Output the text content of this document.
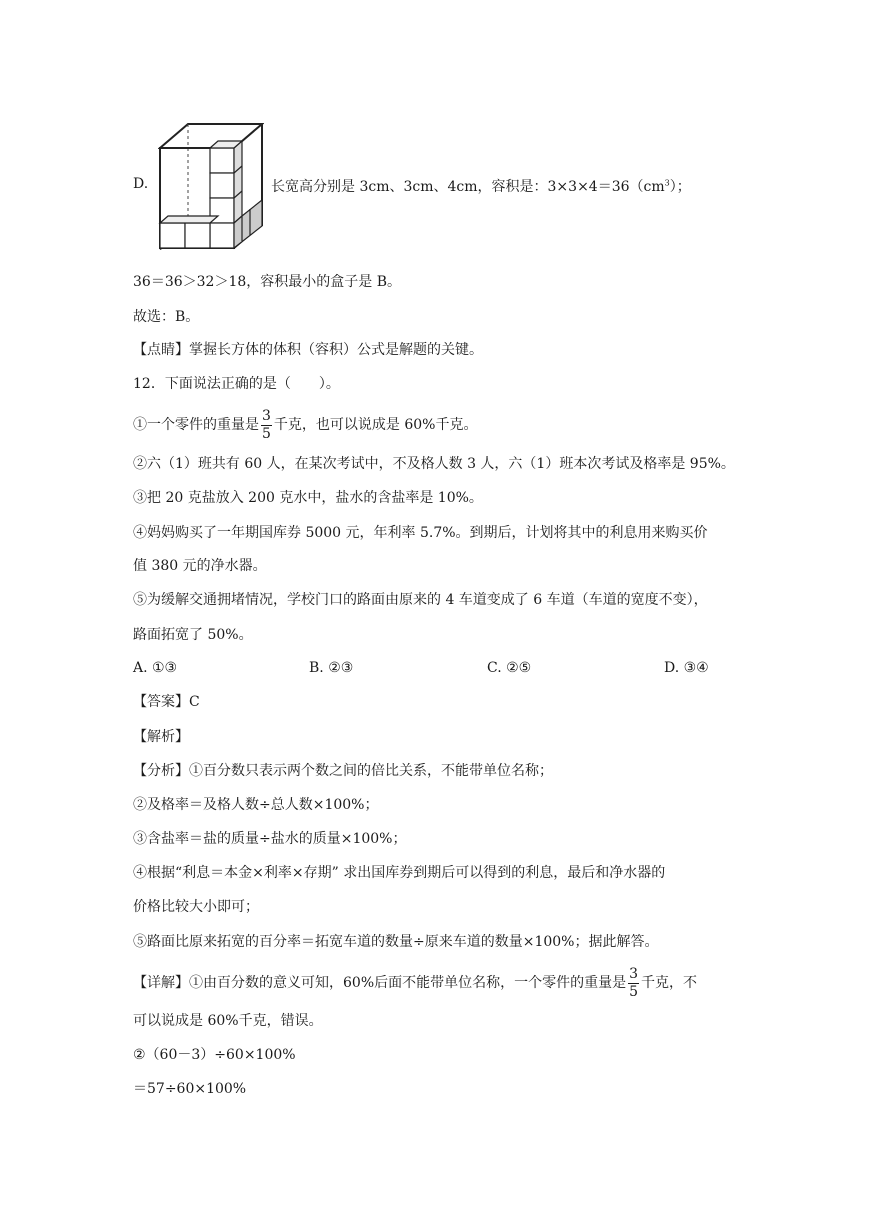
D.	长宽高分别是 3cm、3cm、4cm，容积是：$3\times 3\times 4=36(cm^3)$；
36＝36＞32＞18，容积最小的盒子是 B。
故选：B。
【点睛】掌握长方体的体积（容积）公式是解题的关键。
12．下面说法正确的是（　　）。
①一个零件的重量是 $\frac{3}{5}$ 千克，也可以说成是 60%千克。
②六（1）班共有 60 人，在某次考试中，不及格人数 3 人，六（1）班本次考试及格率是 95%。
③把 20 克盐放入 200 克水中，盐水的含盐率是 10%。
④妈妈购买了一年期国库券 5000 元，年利率 5.7%。到期后，计划将其中的利息用来购买价
值 380 元的净水器。
⑤为缓解交通拥堵情况，学校门口的路面由原来的 4 车道变成了 6 车道（车道的宽度不变），
路面拓宽了 50%。
A. ①③	B. ②③	C. ②⑤	D. ③④
【答案】C
【解析】
【分析】①百分数只表示两个数之间的倍比关系，不能带单位名称；
②及格率＝及格人数÷总人数×100%；
③含盐率＝盐的质量÷盐水的质量×100%；
④根据“利息＝本金×利率×存期” 求出国库券到期后可以得到的利息，最后和净水器的
价格比较大小即可；
⑤路面比原来拓宽的百分率＝拓宽车道的数量÷原来车道的数量×100%；据此解答。
【详解】①由百分数的意义可知，60%后面不能带单位名称，一个零件的重量是 $\frac{3}{5}$ 千克，不
可以说成是 60%千克，错误。
②（60－3）÷60×100%
＝57÷60×100%
